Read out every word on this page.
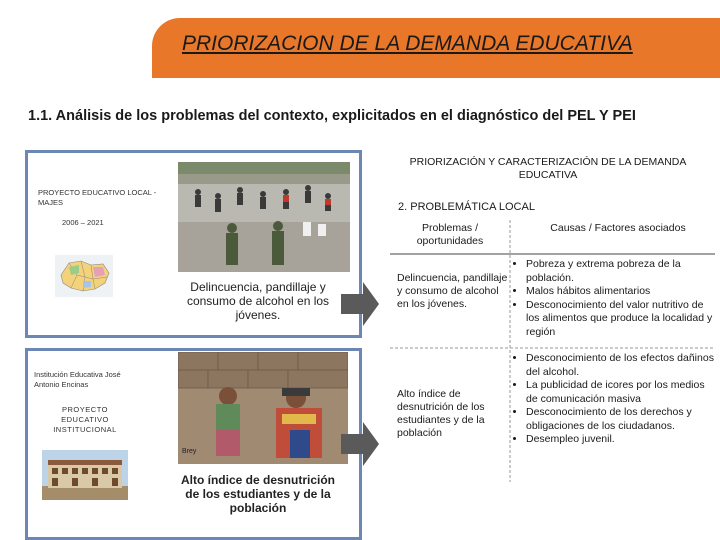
PRIORIZACION DE LA DEMANDA EDUCATIVA
1.1. Análisis de los problemas del contexto, explicitados en el diagnóstico del PEL Y PEI
PROYECTO EDUCATIVO LOCAL - MAJES
2006 – 2021
Delincuencia, pandillaje y consumo de alcohol en los jóvenes.
Institución Educativa José Antonio Encinas
PROYECTO EDUCATIVO INSTITUCIONAL
Brey
Alto índice de desnutrición de los estudiantes y de la población
PRIORIZACIÓN Y CARACTERIZACIÓN DE LA DEMANDA EDUCATIVA
2. PROBLEMÁTICA LOCAL
Problemas / oportunidades
Causas / Factores asociados
Delincuencia, pandillaje y consumo de alcohol en los jóvenes.
• Pobreza y extrema pobreza de la población.
• Malos hábitos alimentarios
• Desconocimiento del valor nutritivo de los alimentos que produce la localidad y región
Alto índice de desnutrición de los estudiantes y de la población
• Desconocimiento de los efectos dañinos del alcohol.
• La publicidad de icores por los medios de comunicación masiva
• Desconocimiento de los derechos y obligaciones de los ciudadanos.
• Desempleo juvenil.
